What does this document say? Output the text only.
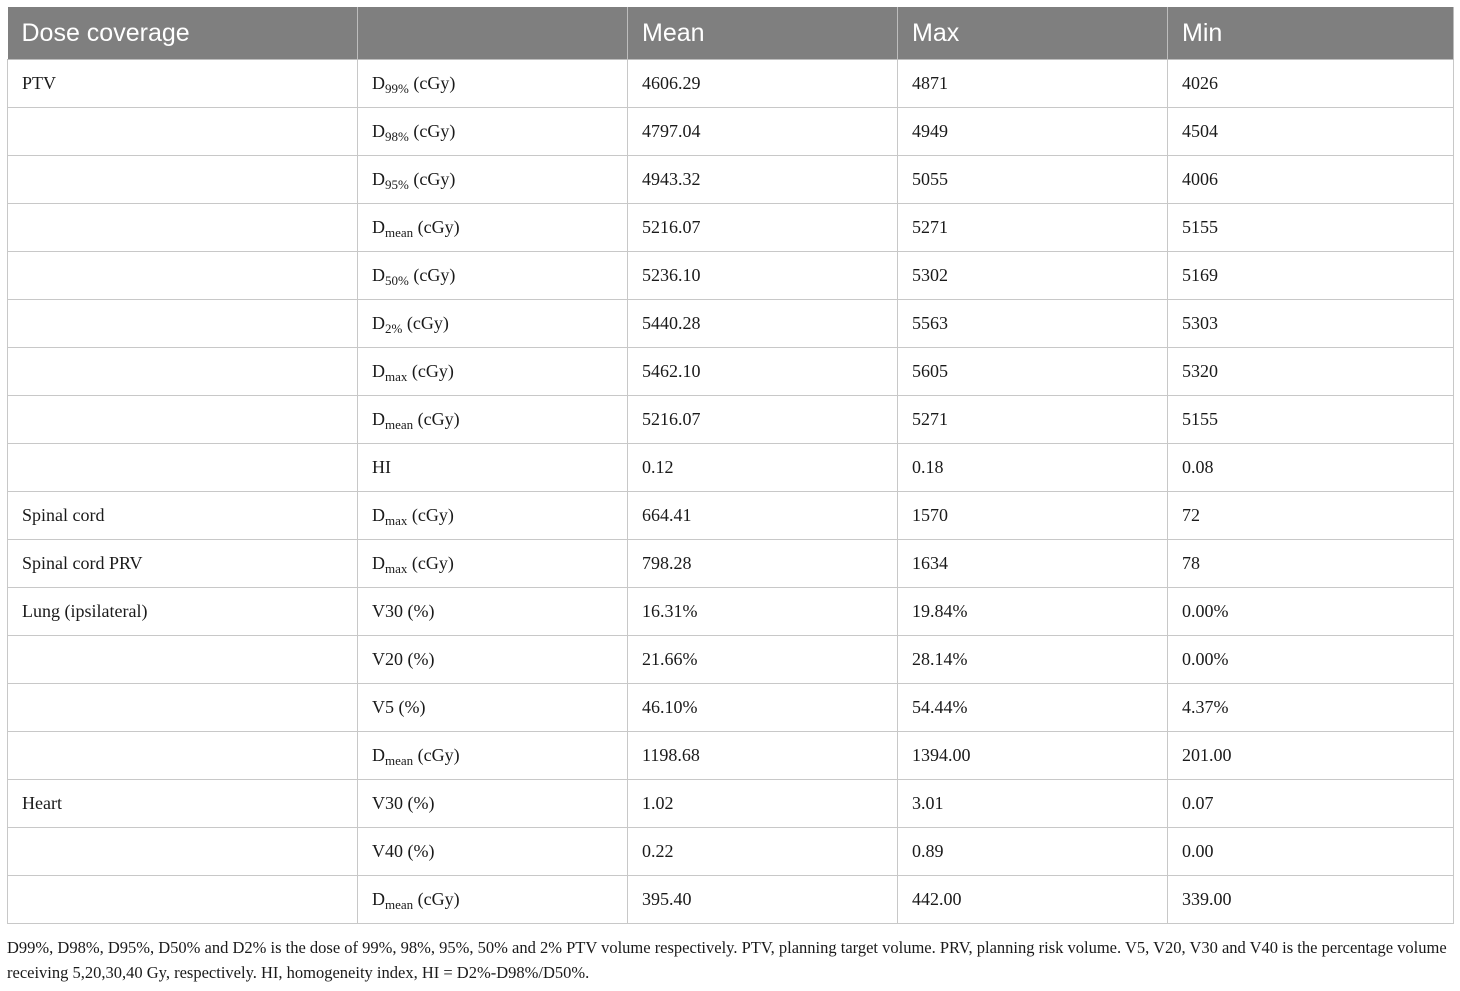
Dose coverage		Mean	Max	Min
PTV	$D_{99\%}$ (cGy)	4606.29	4871	4026
	$D_{98\%}$ (cGy)	4797.04	4949	4504
	$D_{95\%}$ (cGy)	4943.32	5055	4006
	$D_{mean}$ (cGy)	5216.07	5271	5155
	$D_{50\%}$ (cGy)	5236.10	5302	5169
	$D_{2\%}$ (cGy)	5440.28	5563	5303
	$D_{max}$ (cGy)	5462.10	5605	5320
	$D_{mean}$ (cGy)	5216.07	5271	5155
	HI	0.12	0.18	0.08
Spinal cord	$D_{max}$ (cGy)	664.41	1570	72
Spinal cord PRV	$D_{max}$ (cGy)	798.28	1634	78
Lung (ipsilateral)	V30 (%)	16.31%	19.84%	0.00%
	V20 (%)	21.66%	28.14%	0.00%
	V5 (%)	46.10%	54.44%	4.37%
	$D_{mean}$ (cGy)	1198.68	1394.00	201.00
Heart	V30 (%)	1.02	3.01	0.07
	V40 (%)	0.22	0.89	0.00
	$D_{mean}$ (cGy)	395.40	442.00	339.00

D99%, D98%, D95%, D50% and D2% is the dose of 99%, 98%, 95%, 50% and 2% PTV volume respectively. PTV, planning target volume. PRV, planning risk volume. V5, V20, V30 and V40 is the percentage volume receiving 5,20,30,40 Gy, respectively. HI, homogeneity index, HI = D2%-D98%/D50%.
